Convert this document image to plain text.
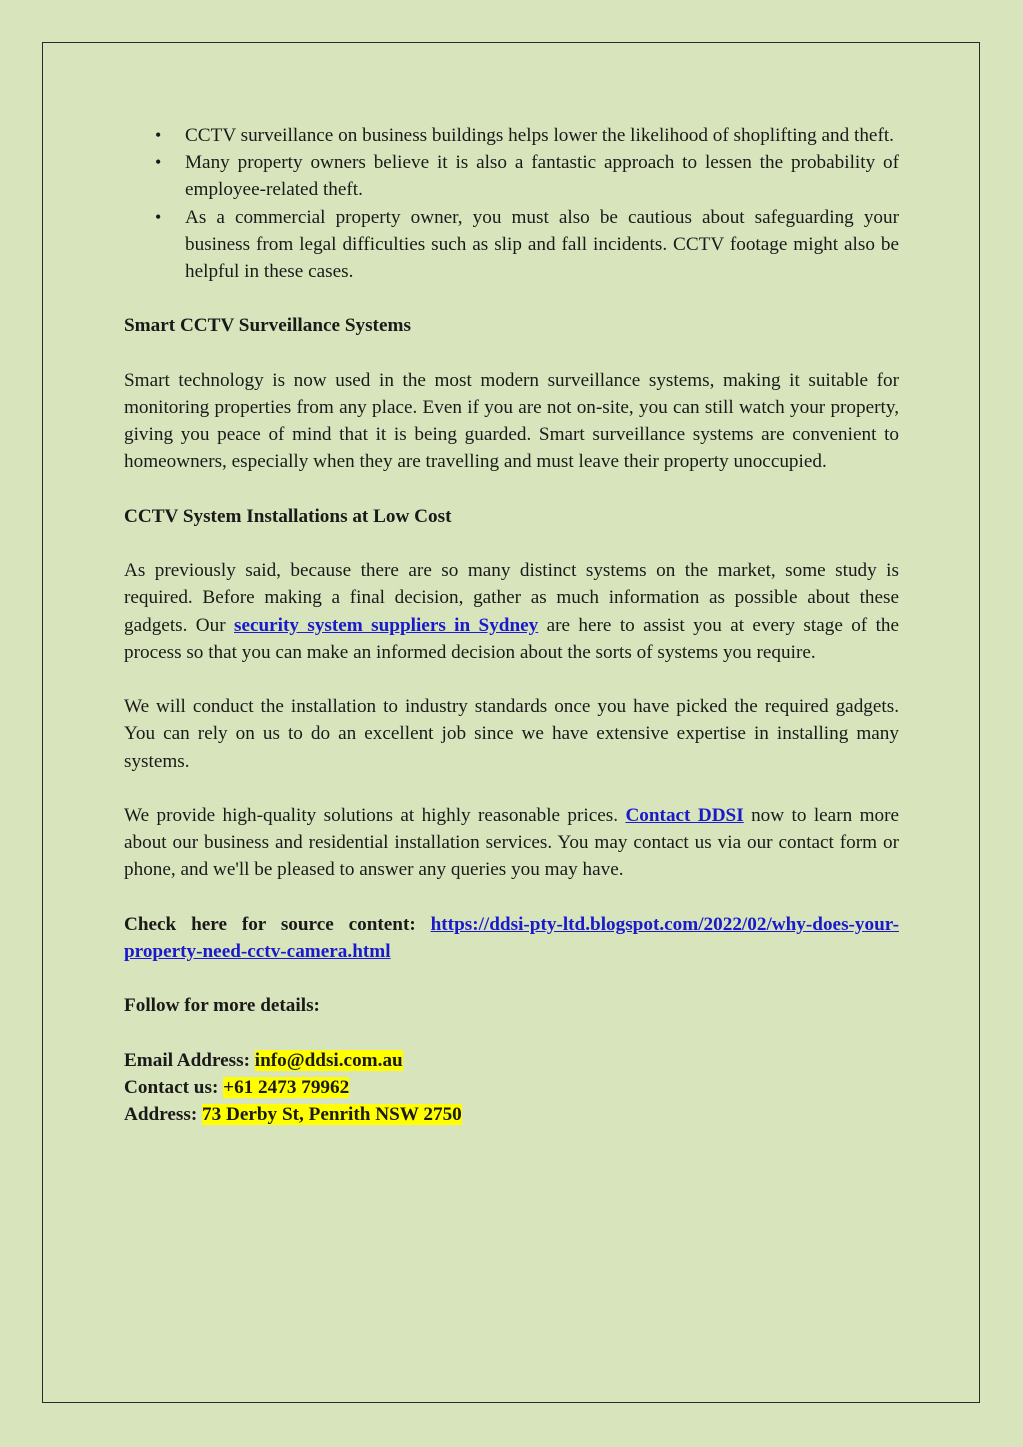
• CCTV surveillance on business buildings helps lower the likelihood of shoplifting and theft.
• Many property owners believe it is also a fantastic approach to lessen the probability of employee-related theft.
• As a commercial property owner, you must also be cautious about safeguarding your business from legal difficulties such as slip and fall incidents. CCTV footage might also be helpful in these cases.
Smart CCTV Surveillance Systems

Smart technology is now used in the most modern surveillance systems, making it suitable for monitoring properties from any place. Even if you are not on-site, you can still watch your property, giving you peace of mind that it is being guarded. Smart surveillance systems are convenient to homeowners, especially when they are travelling and must leave their property unoccupied.

CCTV System Installations at Low Cost

As previously said, because there are so many distinct systems on the market, some study is required. Before making a final decision, gather as much information as possible about these gadgets. Our security system suppliers in Sydney are here to assist you at every stage of the process so that you can make an informed decision about the sorts of systems you require.

We will conduct the installation to industry standards once you have picked the required gadgets. You can rely on us to do an excellent job since we have extensive expertise in installing many systems.

We provide high-quality solutions at highly reasonable prices. Contact DDSI now to learn more about our business and residential installation services. You may contact us via our contact form or phone, and we'll be pleased to answer any queries you may have.

Check here for source content: https://ddsi-pty-ltd.blogspot.com/2022/02/why-does-your-property-need-cctv-camera.html

Follow for more details:

Email Address: info@ddsi.com.au

Contact us: +61 2473 79962

Address: 73 Derby St, Penrith NSW 2750
